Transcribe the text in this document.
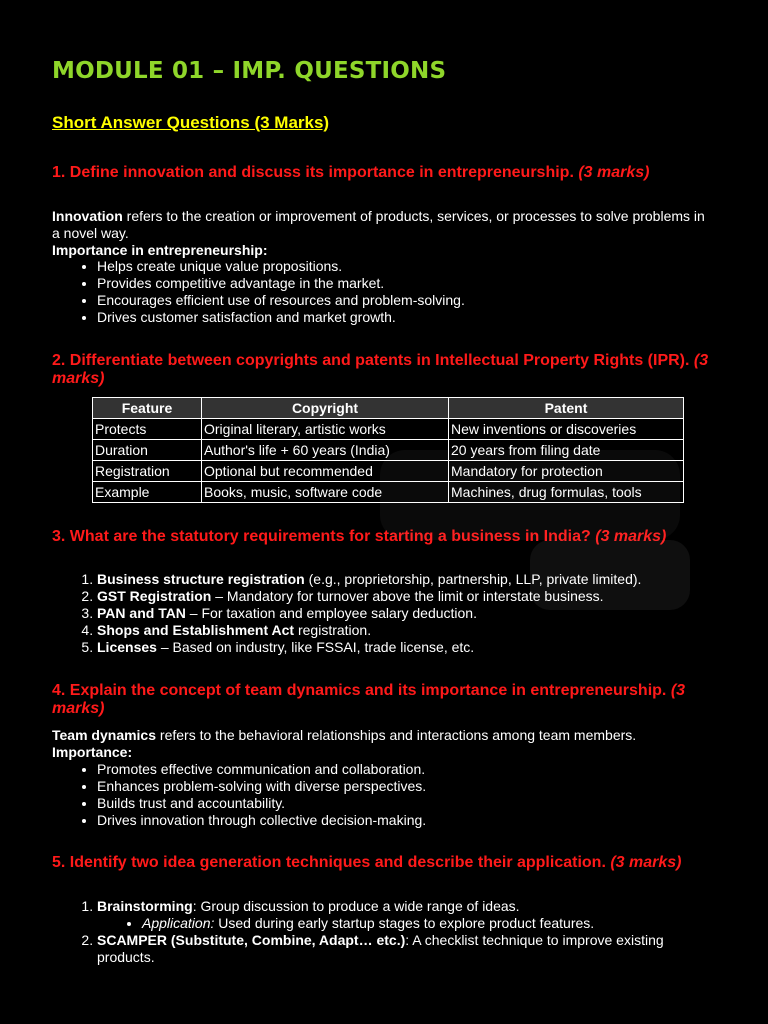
MODULE 01 – IMP. QUESTIONS
Short Answer Questions (3 Marks)
1. Define innovation and discuss its importance in entrepreneurship. (3 marks)
Innovation refers to the creation or improvement of products, services, or processes to solve problems in a novel way.
Importance in entrepreneurship:
• Helps create unique value propositions.
• Provides competitive advantage in the market.
• Encourages efficient use of resources and problem-solving.
• Drives customer satisfaction and market growth.
2. Differentiate between copyrights and patents in Intellectual Property Rights (IPR). (3 marks)
Feature	Copyright	Patent
Protects	Original literary, artistic works	New inventions or discoveries
Duration	Author's life + 60 years (India)	20 years from filing date
Registration	Optional but recommended	Mandatory for protection
Example	Books, music, software code	Machines, drug formulas, tools
3. What are the statutory requirements for starting a business in India? (3 marks)
1. Business structure registration (e.g., proprietorship, partnership, LLP, private limited).
2. GST Registration – Mandatory for turnover above the limit or interstate business.
3. PAN and TAN – For taxation and employee salary deduction.
4. Shops and Establishment Act registration.
5. Licenses – Based on industry, like FSSAI, trade license, etc.
4. Explain the concept of team dynamics and its importance in entrepreneurship. (3 marks)
Team dynamics refers to the behavioral relationships and interactions among team members.
Importance:
• Promotes effective communication and collaboration.
• Enhances problem-solving with diverse perspectives.
• Builds trust and accountability.
• Drives innovation through collective decision-making.
5. Identify two idea generation techniques and describe their application. (3 marks)
1. Brainstorming: Group discussion to produce a wide range of ideas.
• Application: Used during early startup stages to explore product features.
2. SCAMPER (Substitute, Combine, Adapt… etc.): A checklist technique to improve existing products.
